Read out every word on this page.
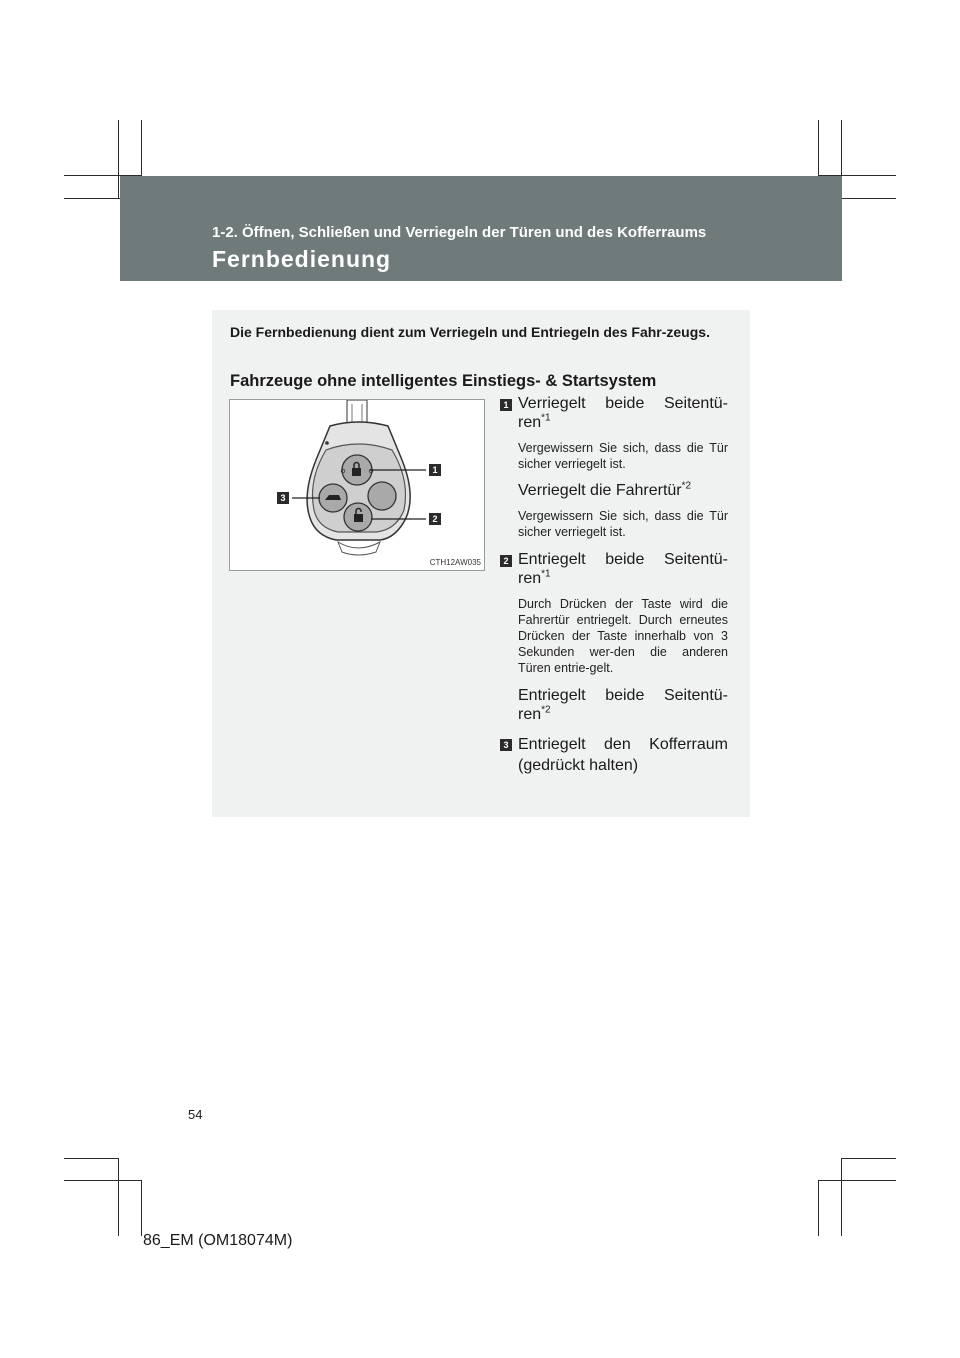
1-2. Öffnen, Schließen und Verriegeln der Türen und des Kofferraums
Fernbedienung
Die Fernbedienung dient zum Verriegeln und Entriegeln des Fahr-zeugs.
Fahrzeuge ohne intelligentes Einstiegs- & Startsystem
1
2
3
CTH12AW035
1 Verriegelt beide Seitentü-ren$^{*1}$
Vergewissern Sie sich, dass die Tür sicher verriegelt ist.
Verriegelt die Fahrertür$^{*2}$
Vergewissern Sie sich, dass die Tür sicher verriegelt ist.
2 Entriegelt beide Seitentü-ren$^{*1}$
Durch Drücken der Taste wird die Fahrertür entriegelt. Durch erneutes Drücken der Taste innerhalb von 3 Sekunden wer-den die anderen Türen entrie-gelt.
Entriegelt beide Seitentü-ren$^{*2}$
3 Entriegelt den Kofferraum (gedrückt halten)
54
86_EM (OM18074M)
